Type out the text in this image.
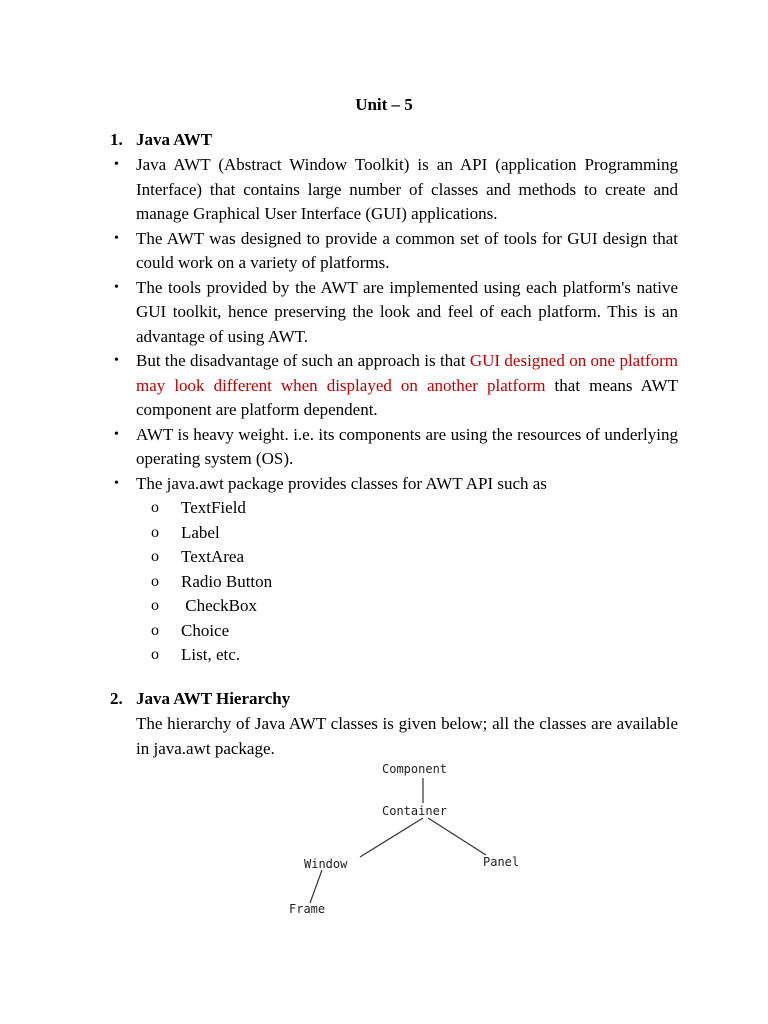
Unit – 5
1. Java AWT
• Java AWT (Abstract Window Toolkit) is an API (application Programming Interface) that contains large number of classes and methods to create and manage Graphical User Interface (GUI) applications.
• The AWT was designed to provide a common set of tools for GUI design that could work on a variety of platforms.
• The tools provided by the AWT are implemented using each platform's native GUI toolkit, hence preserving the look and feel of each platform. This is an advantage of using AWT.
• But the disadvantage of such an approach is that GUI designed on one platform may look different when displayed on another platform that means AWT component are platform dependent.
• AWT is heavy weight. i.e. its components are using the resources of underlying operating system (OS).
• The java.awt package provides classes for AWT API such as
o TextField
o Label
o TextArea
o Radio Button
o CheckBox
o Choice
o List, etc.
2. Java AWT Hierarchy

The hierarchy of Java AWT classes is given below; all the classes are available in java.awt package.

Component
Container
Window	Panel
Frame
